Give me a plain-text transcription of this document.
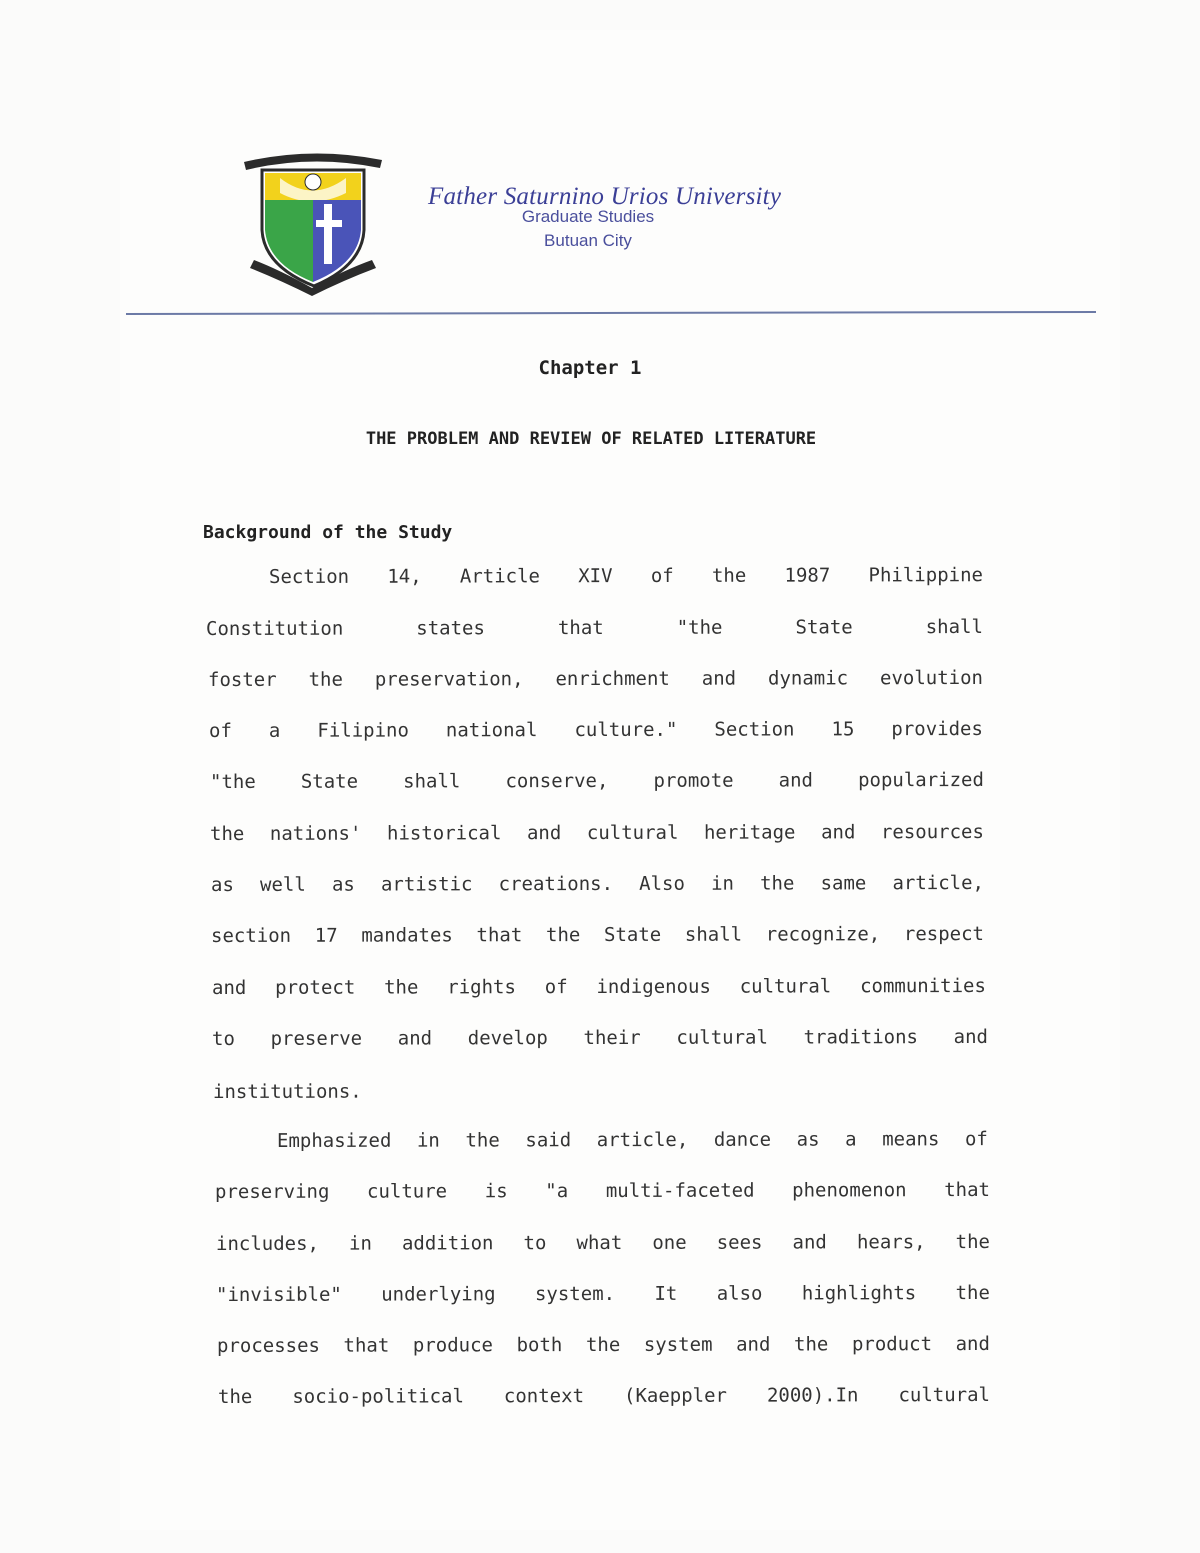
Father Saturnino Urios University
Graduate Studies
Butuan City
Chapter 1
THE PROBLEM AND REVIEW OF RELATED LITERATURE
Background of the Study
Section 14, Article XIV of the 1987 Philippine
Constitution	states	that	"the	State	shall
foster the preservation, enrichment and dynamic evolution
of a Filipino national culture." Section 15 provides
"the State shall conserve, promote and popularized
the nations' historical and cultural heritage and resources
as well as artistic creations. Also in the same article,
section 17 mandates that the State shall recognize, respect
and protect the rights of indigenous cultural communities
to preserve and develop their cultural traditions and
institutions.
Emphasized in the said article, dance as a means of
preserving culture is "a multi-faceted phenomenon that
includes, in addition to what one sees and hears, the
"invisible" underlying system. It also highlights the
processes that produce both the system and the product and
the socio-political context (Kaeppler 2000).In cultural
